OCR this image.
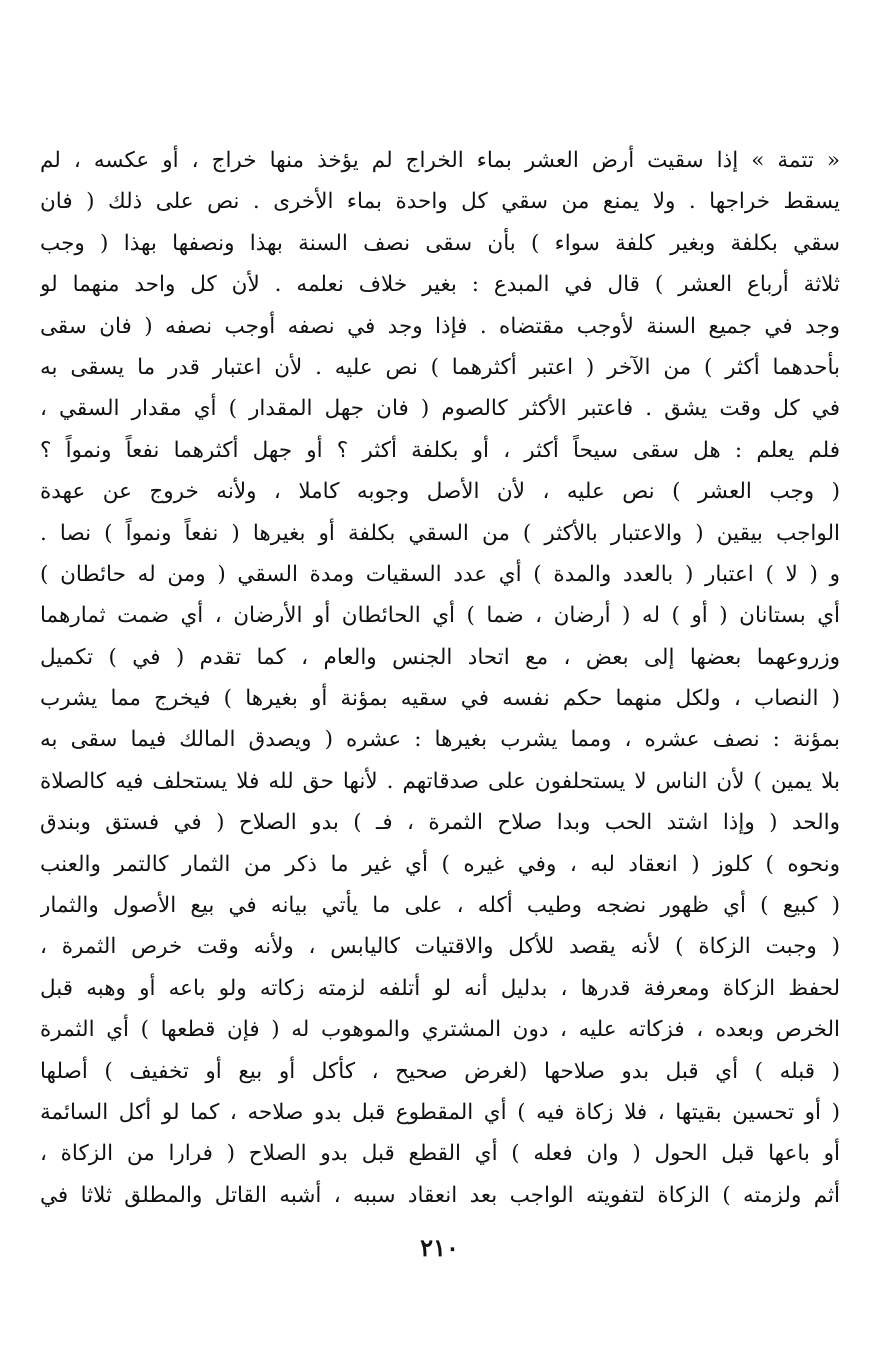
« تتمة » إذا سقيت أرض العشر بماء الخراج لم يؤخذ منها خراج ، أو عكسه ، لم
يسقط خراجها . ولا يمنع من سقي كل واحدة بماء الأخرى . نص على ذلك ( فان
سقي بكلفة وبغير كلفة سواء ) بأن سقى نصف السنة بهذا ونصفها بهذا ( وجب
ثلاثة أرباع العشر ) قال في المبدع : بغير خلاف نعلمه . لأن كل واحد منهما لو
وجد في جميع السنة لأوجب مقتضاه . فإذا وجد في نصفه أوجب نصفه ( فان سقى
بأحدهما أكثر ) من الآخر ( اعتبر أكثرهما ) نص عليه . لأن اعتبار قدر ما يسقى به
في كل وقت يشق . فاعتبر الأكثر كالصوم ( فان جهل المقدار ) أي مقدار السقي ،
فلم يعلم : هل سقى سيحاً أكثر ، أو بكلفة أكثر ؟ أو جهل أكثرهما نفعاً ونمواً ؟
( وجب العشر ) نص عليه ، لأن الأصل وجوبه كاملا ، ولأنه خروج عن عهدة
الواجب بيقين ( والاعتبار بالأكثر ) من السقي بكلفة أو بغيرها ( نفعاً ونمواً ) نصا .
و ( لا ) اعتبار ( بالعدد والمدة ) أي عدد السقيات ومدة السقي ( ومن له حائطان )
أي بستانان ( أو ) له ( أرضان ، ضما ) أي الحائطان أو الأرضان ، أي ضمت ثمارهما
وزروعهما بعضها إلى بعض ، مع اتحاد الجنس والعام ، كما تقدم ( في ) تكميل
( النصاب ، ولكل منهما حكم نفسه في سقيه بمؤنة أو بغيرها ) فيخرج مما يشرب
بمؤنة : نصف عشره ، ومما يشرب بغيرها : عشره ( ويصدق المالك فيما سقى به
بلا يمين ) لأن الناس لا يستحلفون على صدقاتهم . لأنها حق لله فلا يستحلف فيه كالصلاة
والحد ( وإذا اشتد الحب وبدا صلاح الثمرة ، فـ ) بدو الصلاح ( في فستق وبندق
ونحوه ) كلوز ( انعقاد لبه ، وفي غيره ) أي غير ما ذكر من الثمار كالتمر والعنب
( كبيع ) أي ظهور نضجه وطيب أكله ، على ما يأتي بيانه في بيع الأصول والثمار
( وجبت الزكاة ) لأنه يقصد للأكل والاقتيات كاليابس ، ولأنه وقت خرص الثمرة ،
لحفظ الزكاة ومعرفة قدرها ، بدليل أنه لو أتلفه لزمته زكاته ولو باعه أو وهبه قبل
الخرص وبعده ، فزكاته عليه ، دون المشتري والموهوب له ( فإن قطعها ) أي الثمرة
( قبله ) أي قبل بدو صلاحها (لغرض صحيح ، كأكل أو بيع أو تخفيف ) أصلها
( أو تحسين بقيتها ، فلا زكاة فيه ) أي المقطوع قبل بدو صلاحه ، كما لو أكل السائمة
أو باعها قبل الحول ( وان فعله ) أي القطع قبل بدو الصلاح ( فرارا من الزكاة ،
أثم ولزمته ) الزكاة لتفويته الواجب بعد انعقاد سببه ، أشبه القاتل والمطلق ثلاثا في
٢١٠
